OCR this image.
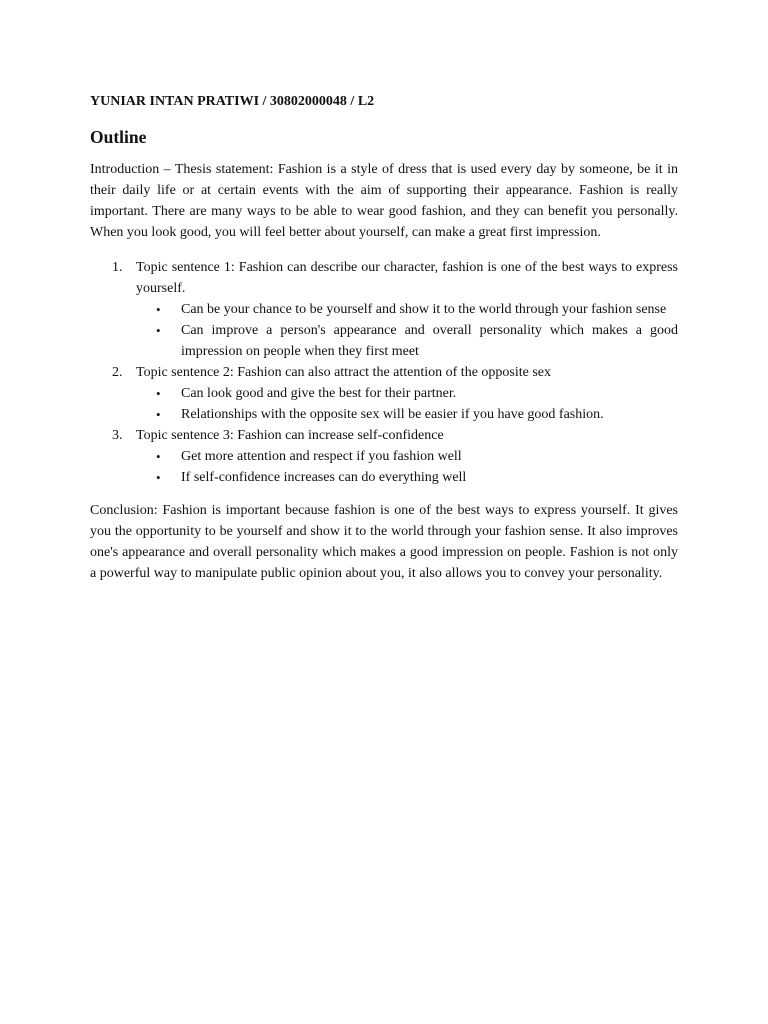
YUNIAR INTAN PRATIWI / 30802000048 / L2

Outline

Introduction – Thesis statement: Fashion is a style of dress that is used every day by someone, be it in their daily life or at certain events with the aim of supporting their appearance. Fashion is really important. There are many ways to be able to wear good fashion, and they can benefit you personally. When you look good, you will feel better about yourself, can make a great first impression.

1. Topic sentence 1: Fashion can describe our character, fashion is one of the best ways to express yourself.
• Can be your chance to be yourself and show it to the world through your fashion sense
• Can improve a person's appearance and overall personality which makes a good impression on people when they first meet
2. Topic sentence 2: Fashion can also attract the attention of the opposite sex
• Can look good and give the best for their partner.
• Relationships with the opposite sex will be easier if you have good fashion.
3. Topic sentence 3: Fashion can increase self-confidence
• Get more attention and respect if you fashion well
• If self-confidence increases can do everything well

Conclusion: Fashion is important because fashion is one of the best ways to express yourself. It gives you the opportunity to be yourself and show it to the world through your fashion sense. It also improves one's appearance and overall personality which makes a good impression on people. Fashion is not only a powerful way to manipulate public opinion about you, it also allows you to convey your personality.
